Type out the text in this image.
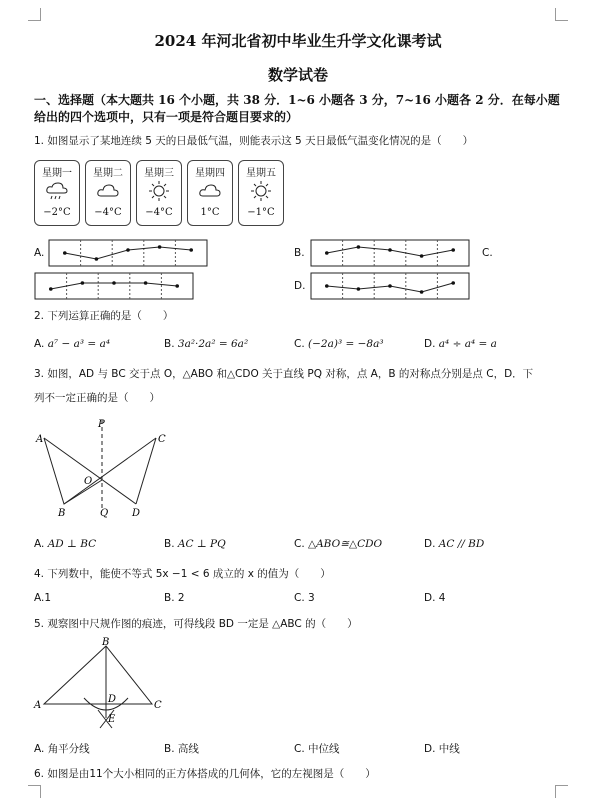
2024 年河北省初中毕业生升学文化课考试
数学试卷
一、选择题（本大题共 16 个小题，共 38 分．1~6 小题各 3 分，7~16 小题各 2 分．在每小题给出的四个选项中，只有一项是符合题目要求的）
1. 如图显示了某地连续 5 天的日最低气温，则能表示这 5 天日最低气温变化情况的是（　　）
星期一
−2°C
星期二
−4°C
星期三
−4°C
星期四
1°C
星期五
−1°C
A.	B.	C.
D.
2. 下列运算正确的是（　　）
A. a⁷ − a³ = a⁴	B. 3a²·2a² = 6a²	C. (−2a)³ = −8a³	D. a⁴ ÷ a⁴ = a
3. 如图，AD 与 BC 交于点 O，△ABO 和△CDO 关于直线 PQ 对称，点 A，B 的对称点分别是点 C，D．下
列不一定正确的是（　　）
P
A	C
O
B	Q D
A. AD ⊥ BC	B. AC ⊥ PQ	C. △ABO≅△CDO	D. AC // BD
4. 下列数中，能使不等式 5x −1 < 6 成立的 x 的值为（　　）
A.1	B. 2	C. 3	D. 4
5. 观察图中尺规作图的痕迹，可得线段 BD 一定是 △ABC 的（　　）
B
A	C
D
E
A. 角平分线	B. 高线	C. 中位线	D. 中线
6. 如图是由11个大小相同的正方体搭成的几何体，它的左视图是（　　）
